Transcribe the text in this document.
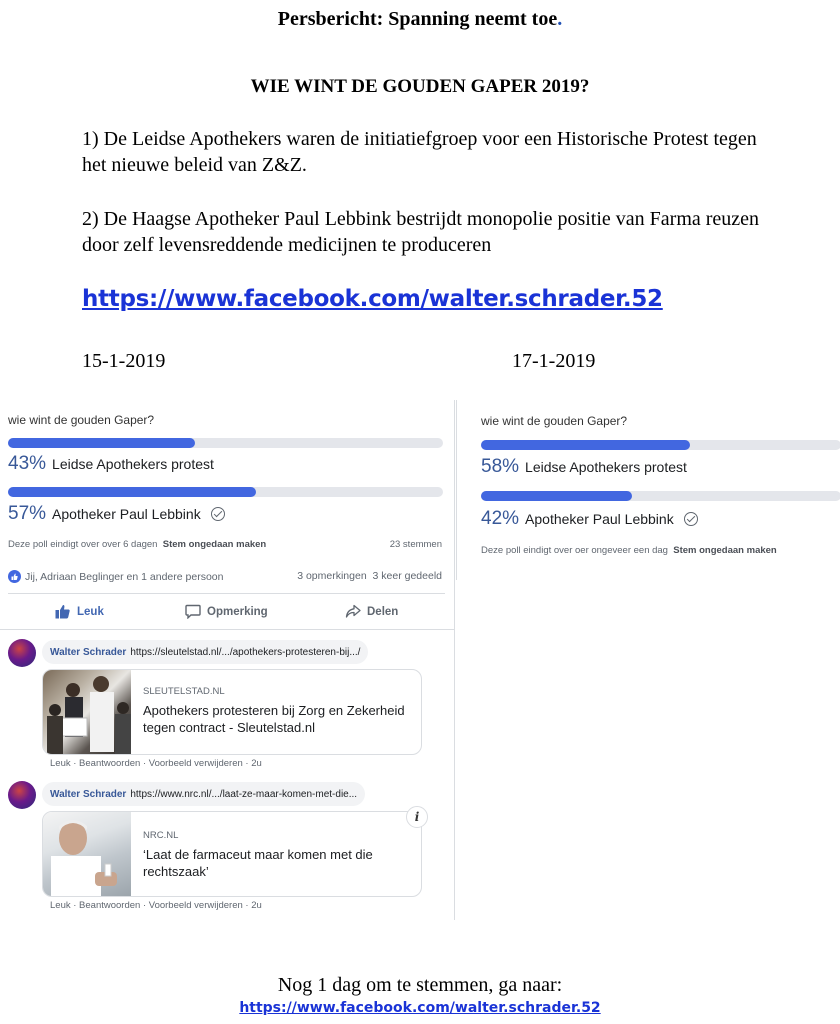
Persbericht: Spanning neemt toe.
WIE WINT DE GOUDEN GAPER 2019?
1) De Leidse Apothekers waren de initiatiefgroep voor een Historische Protest tegen het nieuwe beleid van Z&Z.
2) De Haagse Apotheker Paul Lebbink bestrijdt monopolie positie van Farma reuzen door zelf levensreddende medicijnen te produceren
https://www.facebook.com/walter.schrader.52
15-1-2019	17-1-2019
wie wint de gouden Gaper?
43% Leidse Apothekers protest
57% Apotheker Paul Lebbink
Deze poll eindigt over over 6 dagen Stem ongedaan maken	23 stemmen
Jij, Adriaan Beglinger en 1 andere persoon	3 opmerkingen 3 keer gedeeld
Leuk	Opmerking	Delen
Walter Schrader https://sleutelstad.nl/.../apothekers-protesteren-bij.../
SLEUTELSTAD.NL
Apothekers protesteren bij Zorg en Zekerheid tegen contract - Sleutelstad.nl
Leuk · Beantwoorden · Voorbeeld verwijderen · 2u
Walter Schrader https://www.nrc.nl/.../laat-ze-maar-komen-met-die...
NRC.NL
‘Laat de farmaceut maar komen met die rechtszaak’
i
Leuk · Beantwoorden · Voorbeeld verwijderen · 2u
wie wint de gouden Gaper?
58% Leidse Apothekers protest
42% Apotheker Paul Lebbink
Deze poll eindigt over oer ongeveer een dag Stem ongedaan maken
Nog 1 dag om te stemmen, ga naar:
https://www.facebook.com/walter.schrader.52
